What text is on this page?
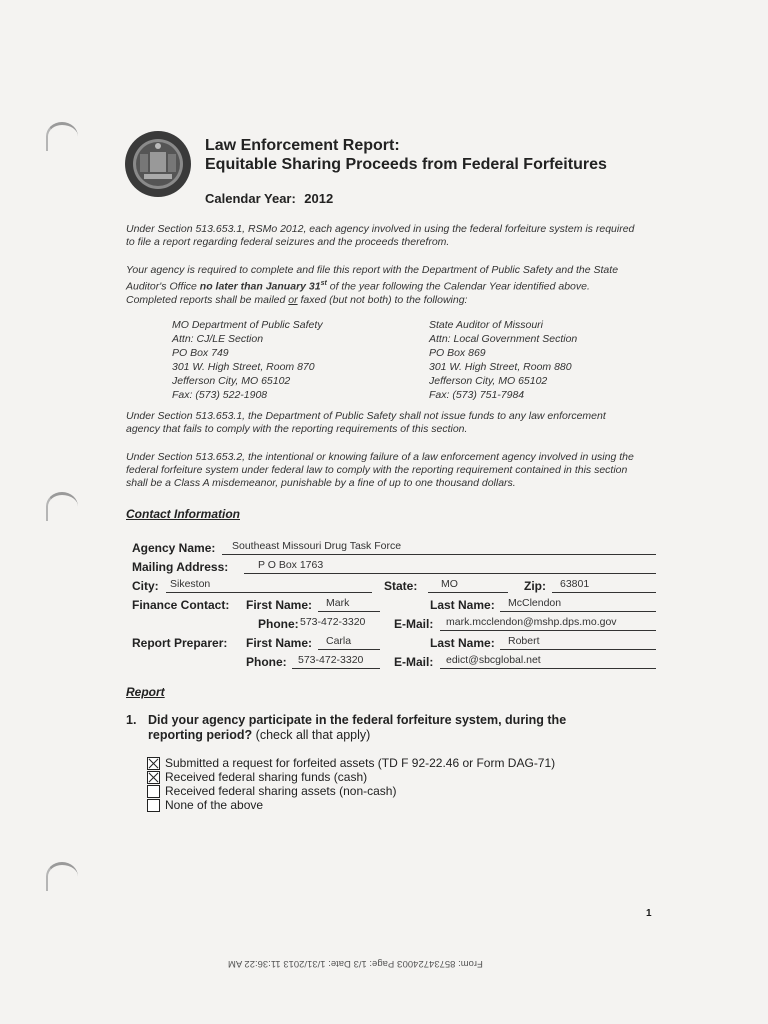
Law Enforcement Report:
Equitable Sharing Proceeds from Federal Forfeitures
Calendar Year: 2012
Under Section 513.653.1, RSMo 2012, each agency involved in using the federal forfeiture system is required to file a report regarding federal seizures and the proceeds therefrom.
Your agency is required to complete and file this report with the Department of Public Safety and the State Auditor's Office no later than January 31st of the year following the Calendar Year identified above. Completed reports shall be mailed or faxed (but not both) to the following:
MO Department of Public Safety
Attn: CJ/LE Section
PO Box 749
301 W. High Street, Room 870
Jefferson City, MO 65102
Fax: (573) 522-1908
State Auditor of Missouri
Attn: Local Government Section
PO Box 869
301 W. High Street, Room 880
Jefferson City, MO 65102
Fax: (573) 751-7984
Under Section 513.653.1, the Department of Public Safety shall not issue funds to any law enforcement agency that fails to comply with the reporting requirements of this section.
Under Section 513.653.2, the intentional or knowing failure of a law enforcement agency involved in using the federal forfeiture system under federal law to comply with the reporting requirement contained in this section shall be a Class A misdemeanor, punishable by a fine of up to one thousand dollars.
Contact Information
Agency Name: Southeast Missouri Drug Task Force
Mailing Address:	P O Box 1763
City: Sikeston	State: MO	Zip: 63801
Finance Contact: First Name: Mark	Last Name: McClendon
Phone: 573-472-3320 E-Mail: mark.mcclendon@mshp.dps.mo.gov
Report Preparer: First Name: Carla	Last Name: Robert
Phone: 573-472-3320	E-Mail: edict@sbcglobal.net
Report
1. Did your agency participate in the federal forfeiture system, during the reporting period? (check all that apply)
Submitted a request for forfeited assets (TD F 92-22.46 or Form DAG-71)
Received federal sharing funds (cash)
Received federal sharing assets (non-cash)
None of the above
1
From: 8573472400З Page: 1/3 Date: 1/31/2013 11:36:22 AM
